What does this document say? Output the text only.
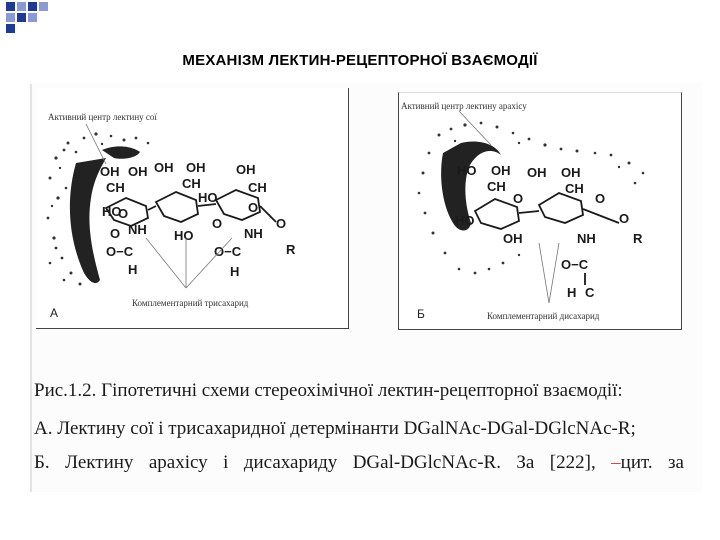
МЕХАНІЗМ ЛЕКТИН-РЕЦЕПТОРНОЇ ВЗАЄМОДІЇ
OH OH
CH
HO
O
O NH
O−C
H
OH OH
CH
HO
HO
O
OH
CH
O
O−C
NH
H
R
O
Активний центр лектину сої
Комплементарний трисахарид
А
HO OH
CH
HO
O
OH
OH OH
CH
O
O
NH	R
O−C
H C
Активний центр лектину арахісу
Комплементарний дисахарид
Б
Рис.1.2. Гіпотетичні схеми стереохімічної лектин-рецепторної взаємодії:
А. Лектину сої і трисахаридної детермінанти DGalNAc-DGal-DGlcNAc-R;
Б. Лектину арахісу і дисахариду DGal-DGlcNAc-R. За [222], –цит. за
